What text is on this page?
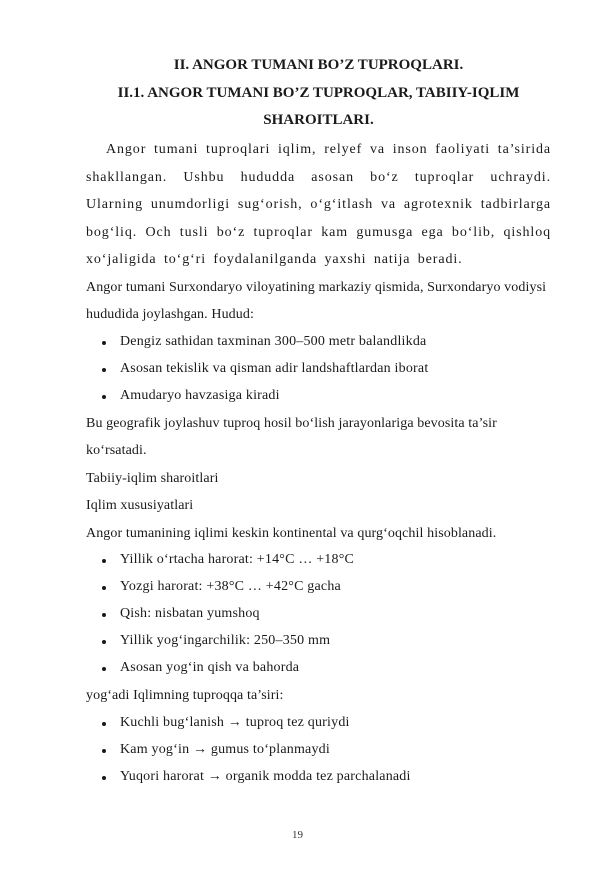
II. ANGOR TUMANI BO’Z TUPROQLARI.

II.1. ANGOR TUMANI BO’Z TUPROQLAR, TABIIY-IQLIM SHAROITLARI.

Angor tumani tuproqlari iqlim, relyef va inson faoliyati ta’sirida shakllangan. Ushbu hududda asosan bo‘z tuproqlar uchraydi. Ularning unumdorligi sug‘orish, o‘g‘itlash va agrotexnik tadbirlarga bog‘liq. Och tusli bo‘z tuproqlar kam gumusga ega bo‘lib, qishloq xo‘jaligida to‘g‘ri foydalanilganda yaxshi natija beradi.

Angor tumani Surxondaryo viloyatining markaziy qismida, Surxondaryo vodiysi hududida joylashgan. Hudud:

Dengiz sathidan taxminan 300–500 metr balandlikda
Asosan tekislik va qisman adir landshaftlardan iborat
Amudaryo havzasiga kiradi

Bu geografik joylashuv tuproq hosil bo‘lish jarayonlariga bevosita ta’sir ko‘rsatadi.

Tabiiy-iqlim sharoitlari

Iqlim xususiyatlari

Angor tumanining iqlimi keskin kontinental va qurg‘oqchil hisoblanadi.

Yillik o‘rtacha harorat: +14°C … +18°C
Yozgi harorat: +38°C … +42°C gacha
Qish: nisbatan yumshoq
Yillik yog‘ingarchilik: 250–350 mm
Asosan yog‘in qish va bahorda

yog‘adi Iqlimning tuproqqa ta’siri:

Kuchli bug‘lanish → tuproq tez quriydi
Kam yog‘in → gumus to‘planmaydi
Yuqori harorat → organik modda tez parchalanadi
19
